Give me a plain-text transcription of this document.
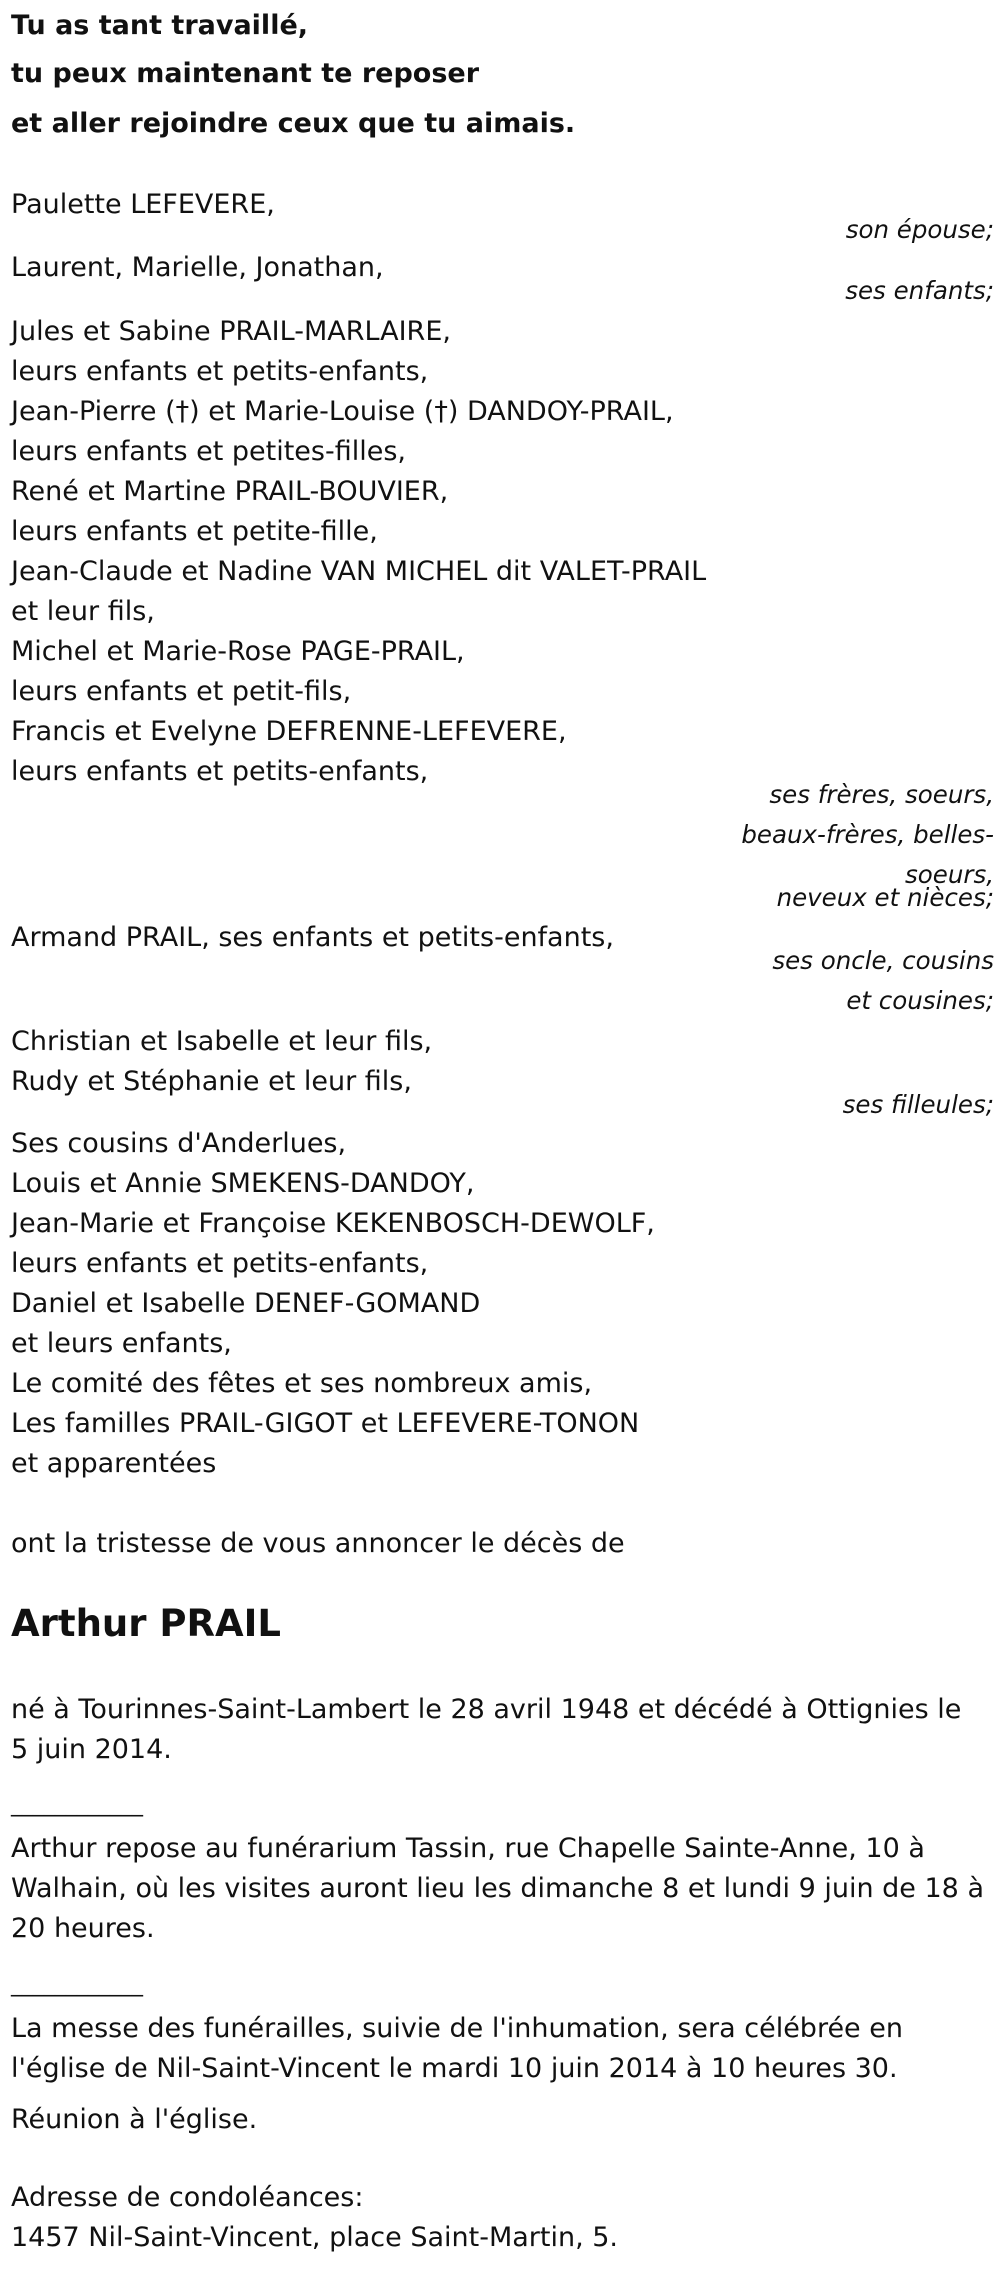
Tu as tant travaillé,
tu peux maintenant te reposer
et aller rejoindre ceux que tu aimais.
Paulette LEFEVERE,
son épouse;
Laurent, Marielle, Jonathan,
ses enfants;
Jules et Sabine PRAIL-MARLAIRE,
leurs enfants et petits-enfants,
Jean-Pierre (†) et Marie-Louise (†) DANDOY-PRAIL,
leurs enfants et petites-filles,
René et Martine PRAIL-BOUVIER,
leurs enfants et petite-fille,
Jean-Claude et Nadine VAN MICHEL dit VALET-PRAIL
et leur fils,
Michel et Marie-Rose PAGE-PRAIL,
leurs enfants et petit-fils,
Francis et Evelyne DEFRENNE-LEFEVERE,
leurs enfants et petits-enfants,
ses frères, soeurs,
beaux-frères, belles-
soeurs,
neveux et nièces;
Armand PRAIL, ses enfants et petits-enfants,
ses oncle, cousins
et cousines;
Christian et Isabelle et leur fils,
Rudy et Stéphanie et leur fils,
ses filleules;
Ses cousins d'Anderlues,
Louis et Annie SMEKENS-DANDOY,
Jean-Marie et Françoise KEKENBOSCH-DEWOLF,
leurs enfants et petits-enfants,
Daniel et Isabelle DENEF-GOMAND
et leurs enfants,
Le comité des fêtes et ses nombreux amis,
Les familles PRAIL-GIGOT et LEFEVERE-TONON
et apparentées
ont la tristesse de vous annoncer le décès de
Arthur PRAIL
né à Tourinnes-Saint-Lambert le 28 avril 1948 et décédé à Ottignies le 5 juin 2014.
____________
Arthur repose au funérarium Tassin, rue Chapelle Sainte-Anne, 10 à Walhain, où les visites auront lieu les dimanche 8 et lundi 9 juin de 18 à 20 heures.
____________
La messe des funérailles, suivie de l'inhumation, sera célébrée en l'église de Nil-Saint-Vincent le mardi 10 juin 2014 à 10 heures 30.
Réunion à l'église.
Adresse de condoléances:
1457 Nil-Saint-Vincent, place Saint-Martin, 5.
